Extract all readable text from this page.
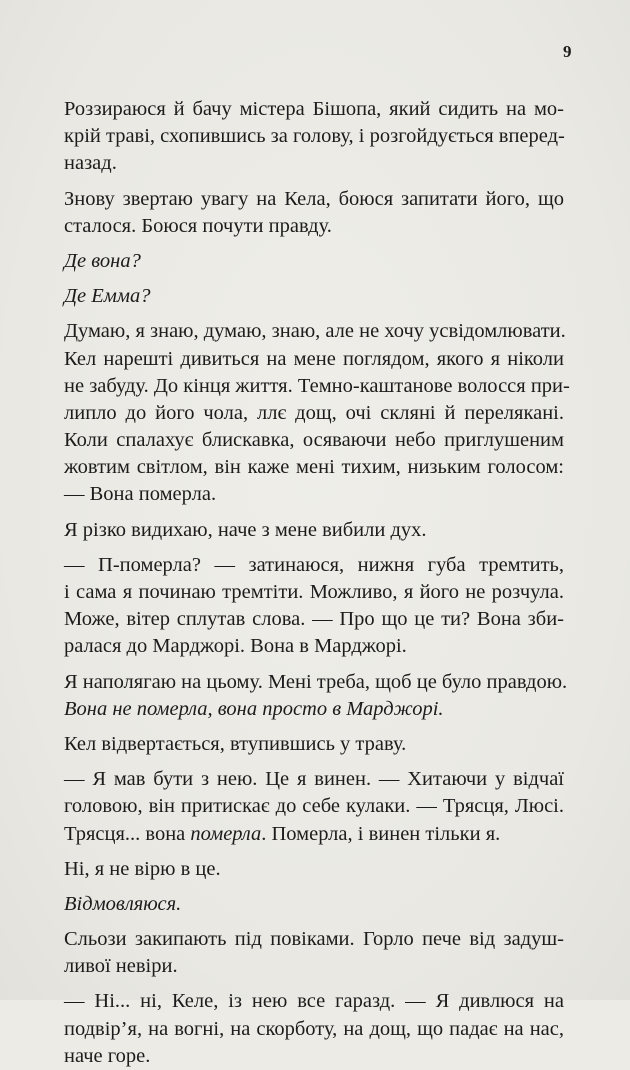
9
Роззираюся й бачу містера Бішопа, який сидить на мо-
крій траві, схопившись за голову, і розгойдується вперед-
назад.
Знову звертаю увагу на Кела, боюся запитати його, що
сталося. Боюся почути правду.
Де вона?
Де Емма?
Думаю, я знаю, думаю, знаю, але не хочу усвідомлювати.
Кел нарешті дивиться на мене поглядом, якого я ніколи
не забуду. До кінця життя. Темно-каштанове волосся при-
липло до його чола, ллє дощ, очі скляні й перелякані.
Коли спалахує блискавка, осяваючи небо приглушеним
жовтим світлом, він каже мені тихим, низьким голосом:
— Вона померла.
Я різко видихаю, наче з мене вибили дух.
— П-померла? — затинаюся, нижня губа тремтить,
і сама я починаю тремтіти. Можливо, я його не розчула.
Може, вітер сплутав слова. — Про що це ти? Вона зби-
ралася до Марджорі. Вона в Марджорі.
Я наполягаю на цьому. Мені треба, щоб це було правдою.
Вона не померла, вона просто в Марджорі.
Кел відвертається, втупившись у траву.
— Я мав бути з нею. Це я винен. — Хитаючи у відчаї
головою, він притискає до себе кулаки. — Трясця, Люсі.
Трясця... вона померла. Померла, і винен тільки я.
Ні, я не вірю в це.
Відмовляюся.
Сльози закипають під повіками. Горло пече від задуш-
ливої невіри.
— Ні... ні, Келе, із нею все гаразд. — Я дивлюся на
подвір’я, на вогні, на скорботу, на дощ, що падає на нас,
наче горе.
